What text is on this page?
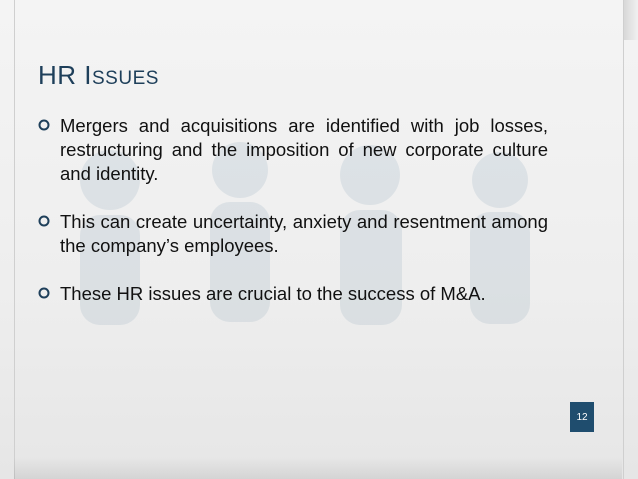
HR ISSUES
Mergers and acquisitions are identified with job losses, restructuring and the imposition of new corporate culture and identity.
This can create uncertainty, anxiety and resentment among the company’s employees.
These HR issues are crucial to the success of M&A.
12
